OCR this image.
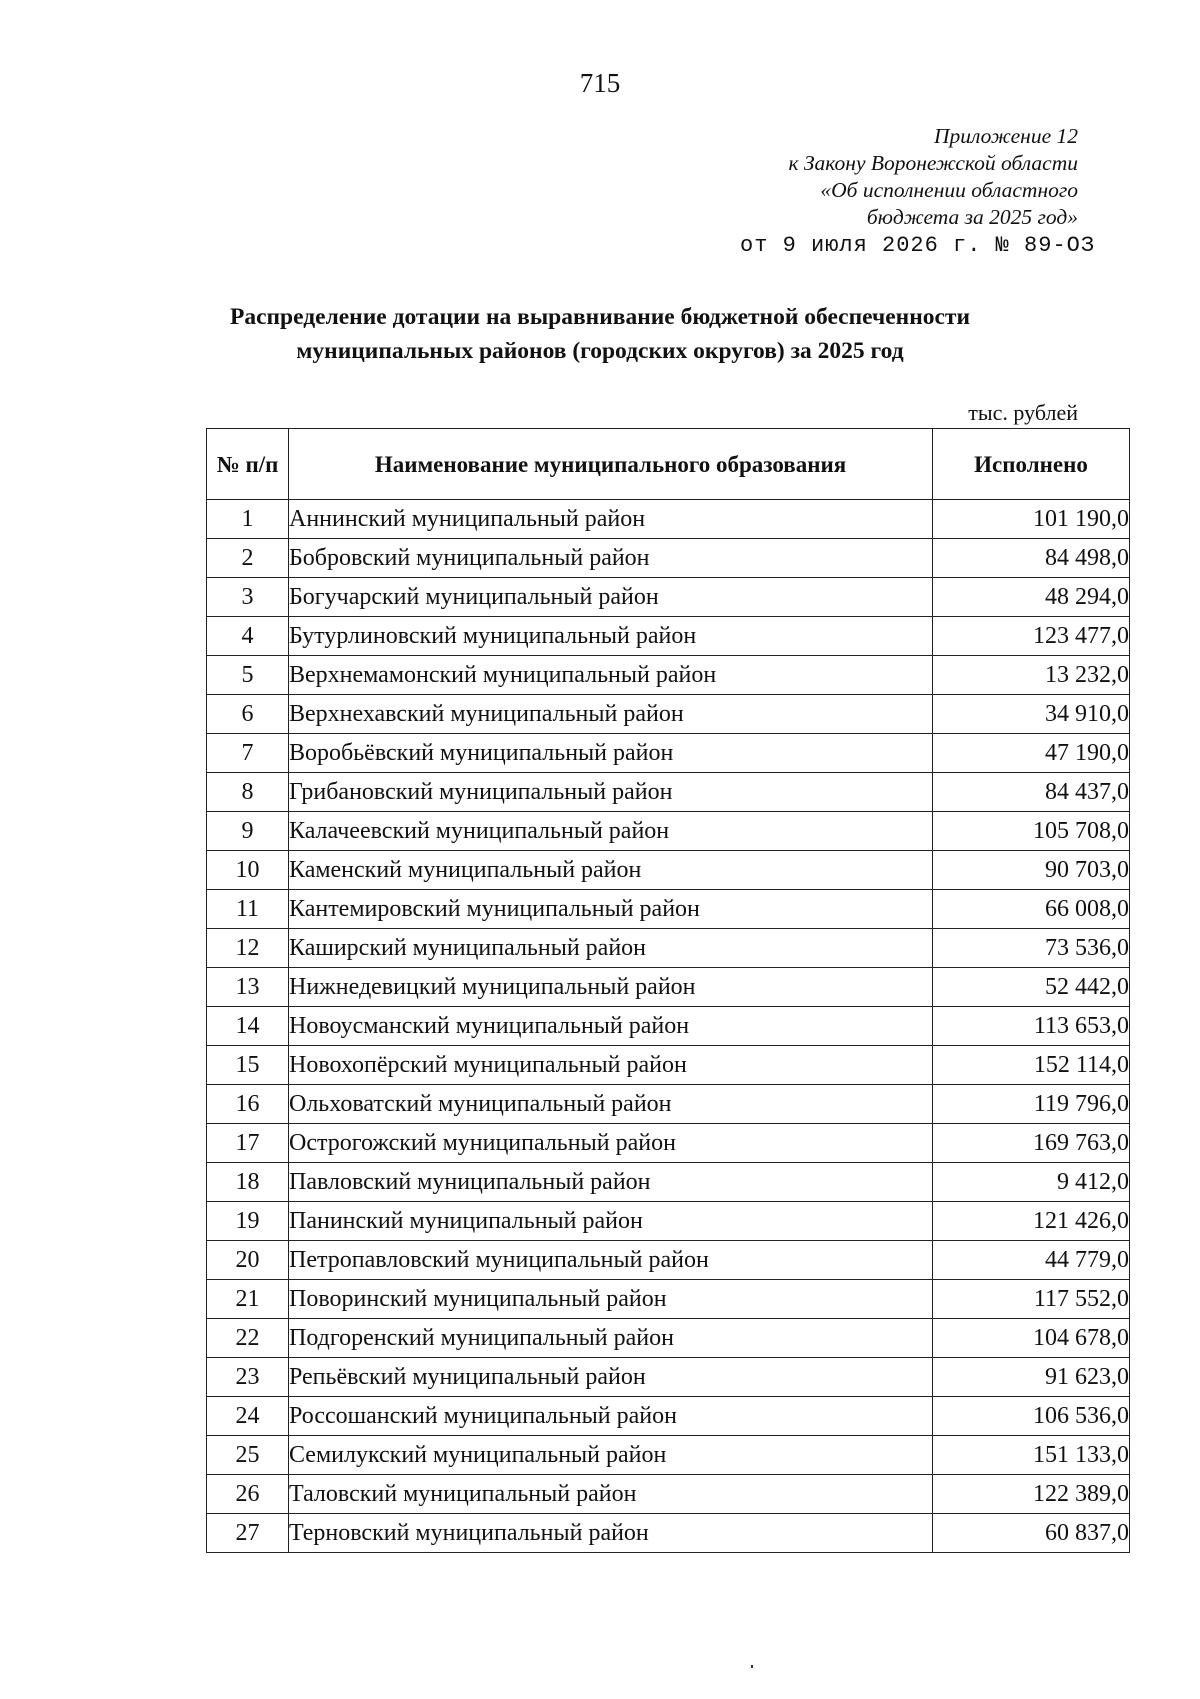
715
Приложение 12
к Закону Воронежской области
«Об исполнении областного
бюджета за 2025 год»
от 9 июля 2026 г. № 89-ОЗ
Распределение дотации на выравнивание бюджетной обеспеченности
муниципальных районов (городских округов) за 2025 год
тыс. рублей
№ п/п	Наименование муниципального образования	Исполнено
1	Аннинский муниципальный район	101 190,0
2	Бобровский муниципальный район	84 498,0
3	Богучарский муниципальный район	48 294,0
4	Бутурлиновский муниципальный район	123 477,0
5	Верхнемамонский муниципальный район	13 232,0
6	Верхнехавский муниципальный район	34 910,0
7	Воробьёвский муниципальный район	47 190,0
8	Грибановский муниципальный район	84 437,0
9	Калачеевский муниципальный район	105 708,0
10	Каменский муниципальный район	90 703,0
11	Кантемировский муниципальный район	66 008,0
12	Каширский муниципальный район	73 536,0
13	Нижнедевицкий муниципальный район	52 442,0
14	Новоусманский муниципальный район	113 653,0
15	Новохопёрский муниципальный район	152 114,0
16	Ольховатский муниципальный район	119 796,0
17	Острогожский муниципальный район	169 763,0
18	Павловский муниципальный район	9 412,0
19	Панинский муниципальный район	121 426,0
20	Петропавловский муниципальный район	44 779,0
21	Поворинский муниципальный район	117 552,0
22	Подгоренский муниципальный район	104 678,0
23	Репьёвский муниципальный район	91 623,0
24	Россошанский муниципальный район	106 536,0
25	Семилукский муниципальный район	151 133,0
26	Таловский муниципальный район	122 389,0
27	Терновский муниципальный район	60 837,0
